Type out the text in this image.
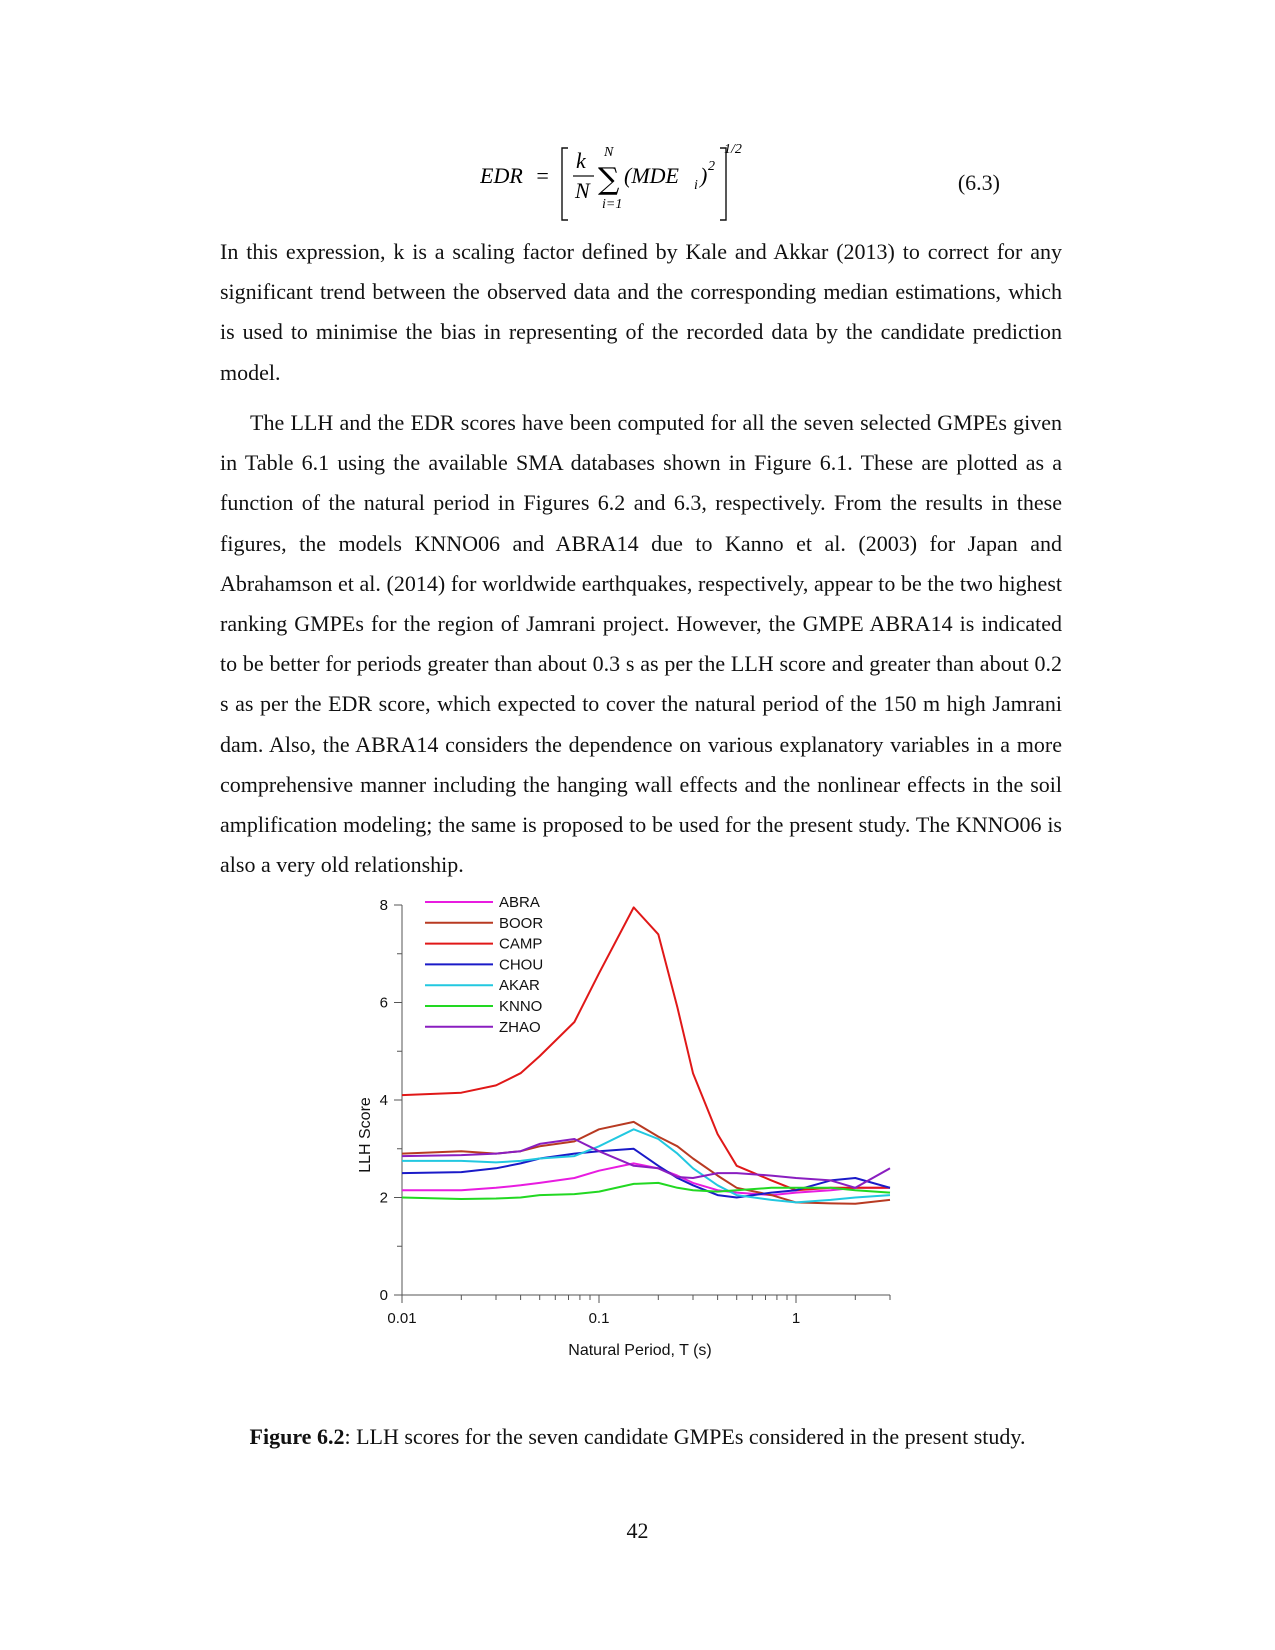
EDR =
k
N
N
∑
i=1
(MDE i ) 2
1/2
(6.3)

In this expression, k is a scaling factor defined by Kale and Akkar (2013) to correct for any significant trend between the observed data and the corresponding median estimations, which is used to minimise the bias in representing of the recorded data by the candidate prediction model.

The LLH and the EDR scores have been computed for all the seven selected GMPEs given in Table 6.1 using the available SMA databases shown in Figure 6.1. These are plotted as a function of the natural period in Figures 6.2 and 6.3, respectively. From the results in these figures, the models KNNO06 and ABRA14 due to Kanno et al. (2003) for Japan and Abrahamson et al. (2014) for worldwide earthquakes, respectively, appear to be the two highest ranking GMPEs for the region of Jamrani project. However, the GMPE ABRA14 is indicated to be better for periods greater than about 0.3 s as per the LLH score and greater than about 0.2 s as per the EDR score, which expected to cover the natural period of the 150 m high Jamrani dam. Also, the ABRA14 considers the dependence on various explanatory variables in a more comprehensive manner including the hanging wall effects and the nonlinear effects in the soil amplification modeling; the same is proposed to be used for the present study. The KNNO06 is also a very old relationship.

0
2
4
6
8
0.01	0.1	1
ABRA
BOOR
CAMP
CHOU
AKAR
KNNO
ZHAO
Natural Period, T (s)
LLH Score
Figure 6.2: LLH scores for the seven candidate GMPEs considered in the present study.
42
